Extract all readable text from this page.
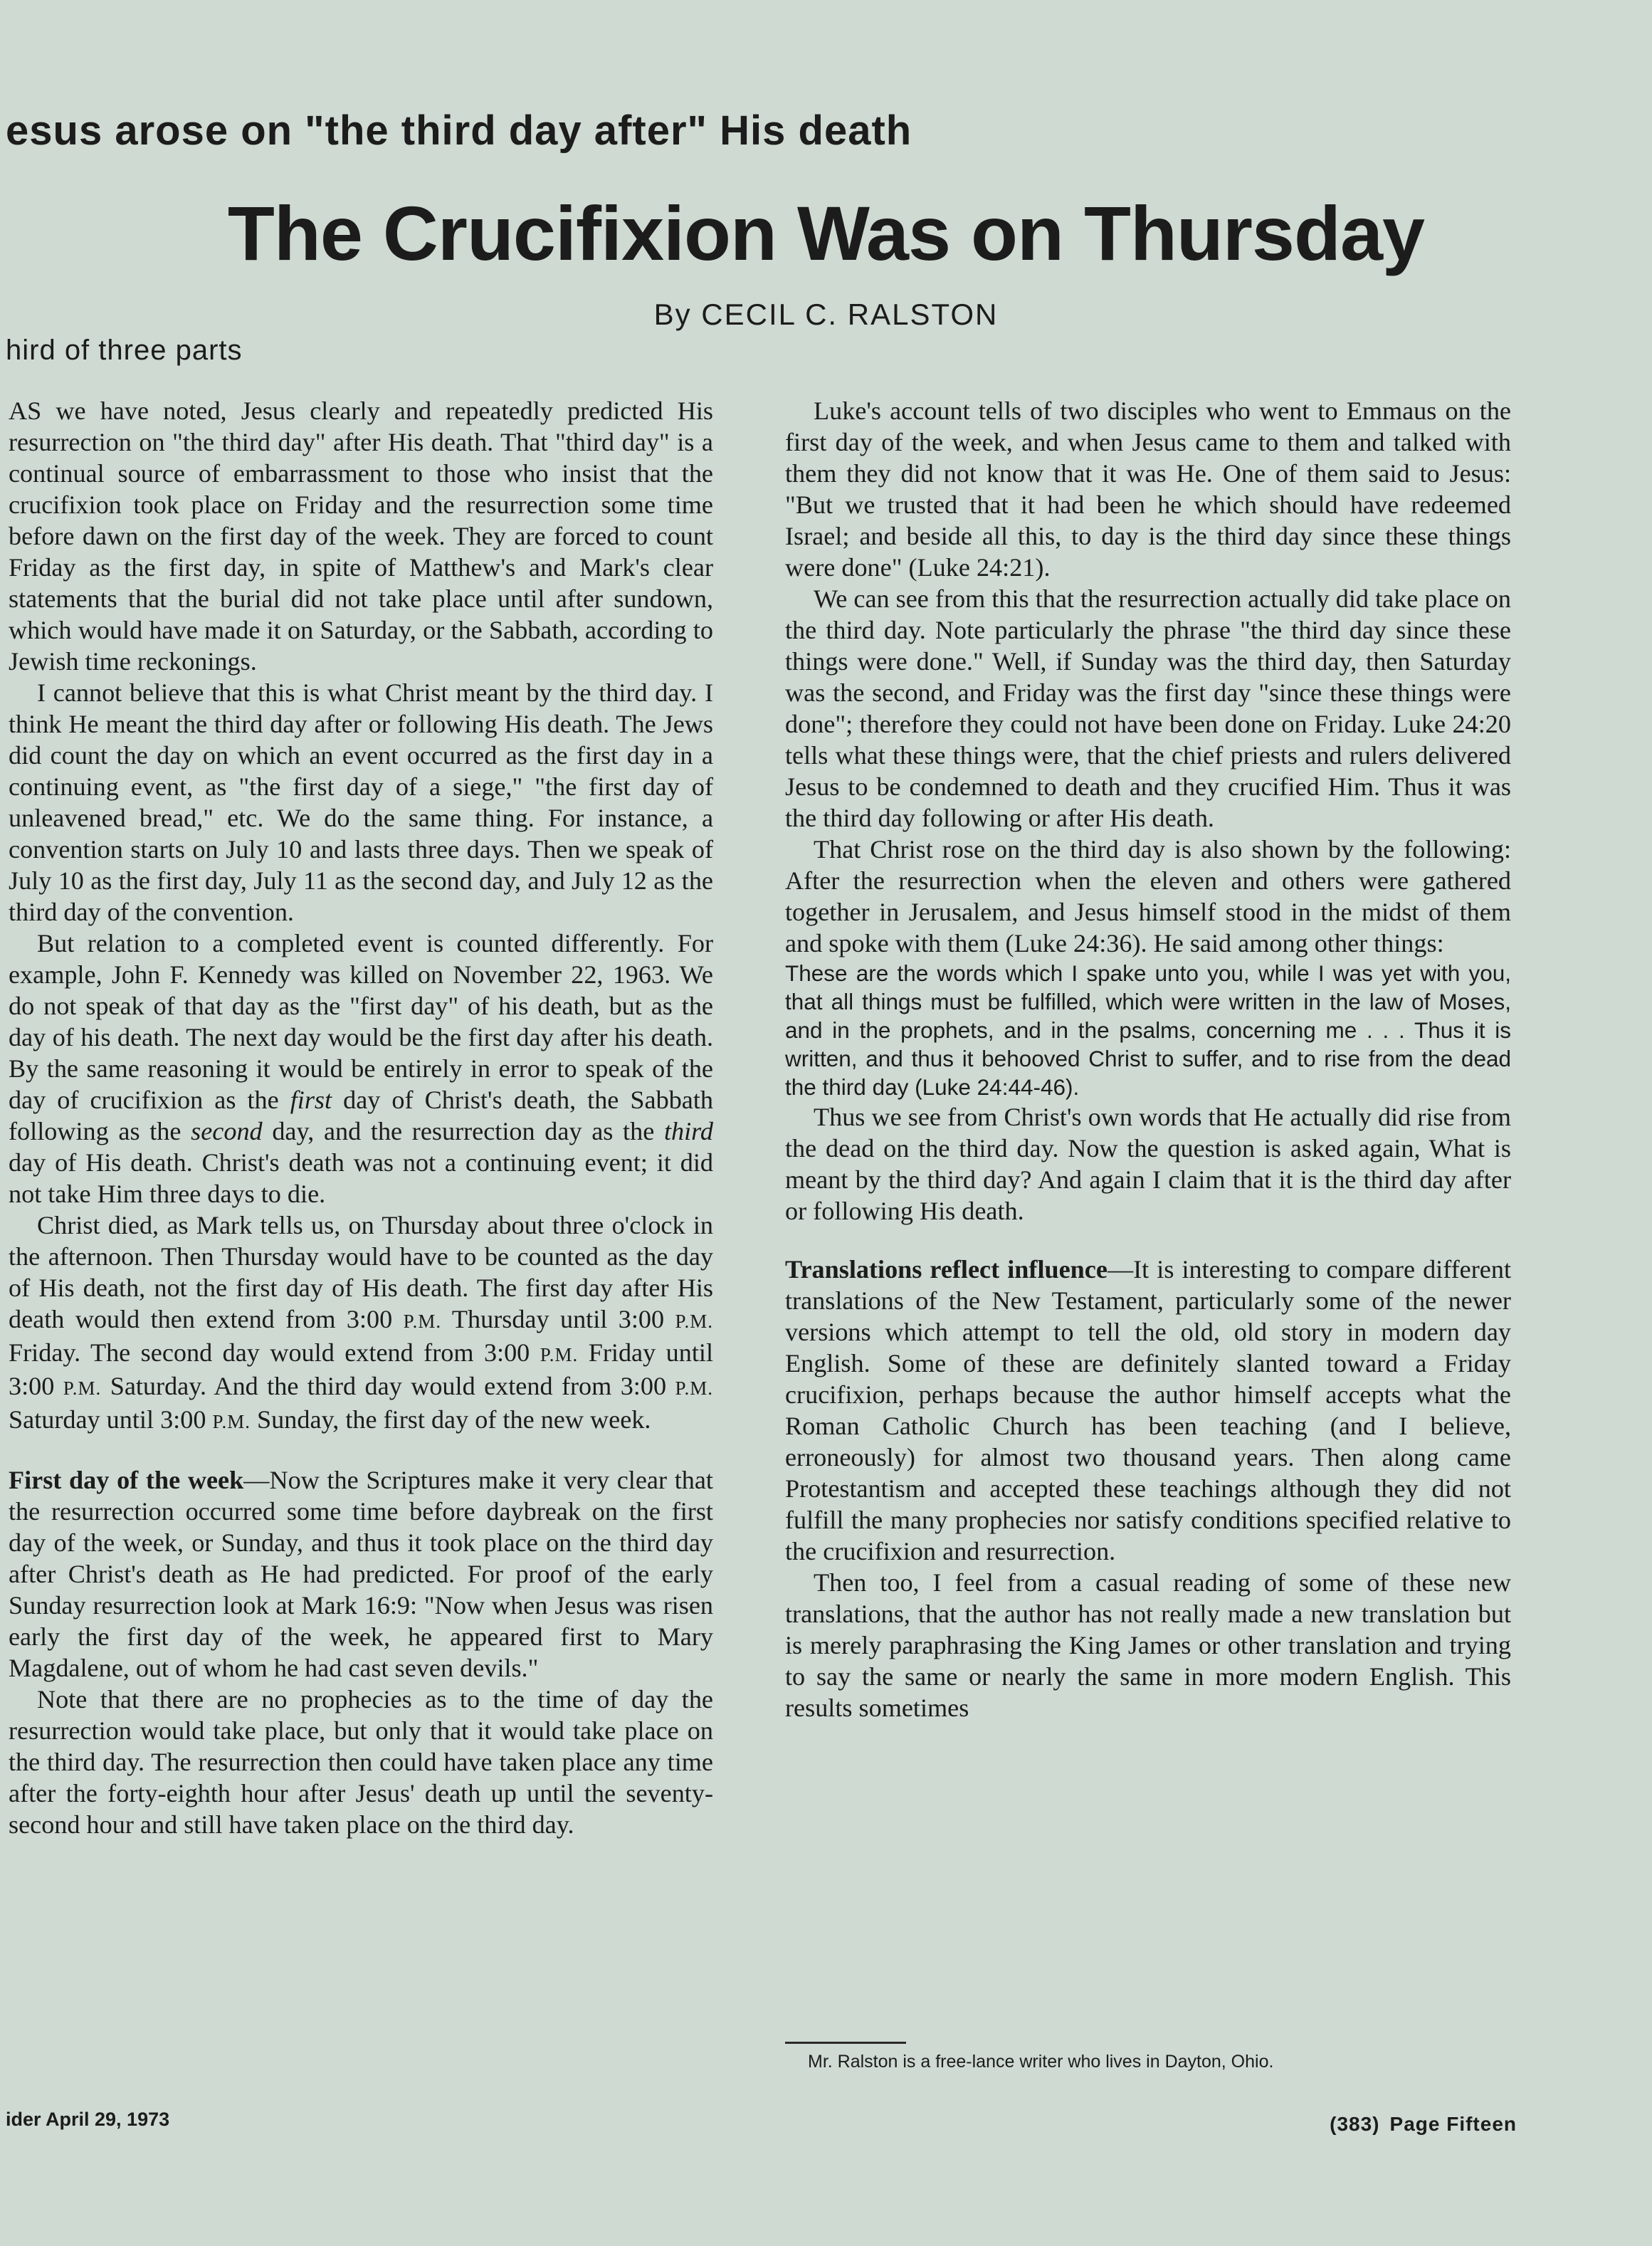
esus arose on "the third day after" His death
The Crucifixion Was on Thursday
By CECIL C. RALSTON
hird of three parts

AS we have noted, Jesus clearly and repeatedly predicted His resurrection on "the third day" after His death. That "third day" is a continual source of embarrassment to those who insist that the crucifixion took place on Friday and the resurrection some time before dawn on the first day of the week. They are forced to count Friday as the first day, in spite of Matthew's and Mark's clear statements that the burial did not take place until after sundown, which would have made it on Saturday, or the Sabbath, according to Jewish time reckonings.

I cannot believe that this is what Christ meant by the third day. I think He meant the third day after or following His death. The Jews did count the day on which an event occurred as the first day in a continuing event, as "the first day of a siege," "the first day of unleavened bread," etc. We do the same thing. For instance, a convention starts on July 10 and lasts three days. Then we speak of July 10 as the first day, July 11 as the second day, and July 12 as the third day of the convention.

But relation to a completed event is counted differently. For example, John F. Kennedy was killed on November 22, 1963. We do not speak of that day as the "first day" of his death, but as the day of his death. The next day would be the first day after his death. By the same reasoning it would be entirely in error to speak of the day of crucifixion as the first day of Christ's death, the Sabbath following as the second day, and the resurrection day as the third day of His death. Christ's death was not a continuing event; it did not take Him three days to die.

Christ died, as Mark tells us, on Thursday about three o'clock in the afternoon. Then Thursday would have to be counted as the day of His death, not the first day of His death. The first day after His death would then extend from 3:00 P.M. Thursday until 3:00 P.M. Friday. The second day would extend from 3:00 P.M. Friday until 3:00 P.M. Saturday. And the third day would extend from 3:00 P.M. Saturday until 3:00 P.M. Sunday, the first day of the new week.

First day of the week—Now the Scriptures make it very clear that the resurrection occurred some time before daybreak on the first day of the week, or Sunday, and thus it took place on the third day after Christ's death as He had predicted. For proof of the early Sunday resurrection look at Mark 16:9: "Now when Jesus was risen early the first day of the week, he appeared first to Mary Magdalene, out of whom he had cast seven devils."

Note that there are no prophecies as to the time of day the resurrection would take place, but only that it would take place on the third day. The resurrection then could have taken place any time after the forty-eighth hour after Jesus' death up until the seventy-second hour and still have taken place on the third day.

Luke's account tells of two disciples who went to Emmaus on the first day of the week, and when Jesus came to them and talked with them they did not know that it was He. One of them said to Jesus: "But we trusted that it had been he which should have redeemed Israel; and beside all this, to day is the third day since these things were done" (Luke 24:21).

We can see from this that the resurrection actually did take place on the third day. Note particularly the phrase "the third day since these things were done." Well, if Sunday was the third day, then Saturday was the second, and Friday was the first day "since these things were done"; therefore they could not have been done on Friday. Luke 24:20 tells what these things were, that the chief priests and rulers delivered Jesus to be condemned to death and they crucified Him. Thus it was the third day following or after His death.

That Christ rose on the third day is also shown by the following: After the resurrection when the eleven and others were gathered together in Jerusalem, and Jesus himself stood in the midst of them and spoke with them (Luke 24:36). He said among other things:

These are the words which I spake unto you, while I was yet with you, that all things must be fulfilled, which were written in the law of Moses, and in the prophets, and in the psalms, concerning me . . . Thus it is written, and thus it behooved Christ to suffer, and to rise from the dead the third day (Luke 24:44-46).

Thus we see from Christ's own words that He actually did rise from the dead on the third day. Now the question is asked again, What is meant by the third day? And again I claim that it is the third day after or following His death.

Translations reflect influence—It is interesting to compare different translations of the New Testament, particularly some of the newer versions which attempt to tell the old, old story in modern day English. Some of these are definitely slanted toward a Friday crucifixion, perhaps because the author himself accepts what the Roman Catholic Church has been teaching (and I believe, erroneously) for almost two thousand years. Then along came Protestantism and accepted these teachings although they did not fulfill the many prophecies nor satisfy conditions specified relative to the crucifixion and resurrection.

Then too, I feel from a casual reading of some of these new translations, that the author has not really made a new translation but is merely paraphrasing the King James or other translation and trying to say the same or nearly the same in more modern English. This results sometimes

Mr. Ralston is a free-lance writer who lives in Dayton, Ohio.
ider April 29, 1973	(383) Page Fifteen
